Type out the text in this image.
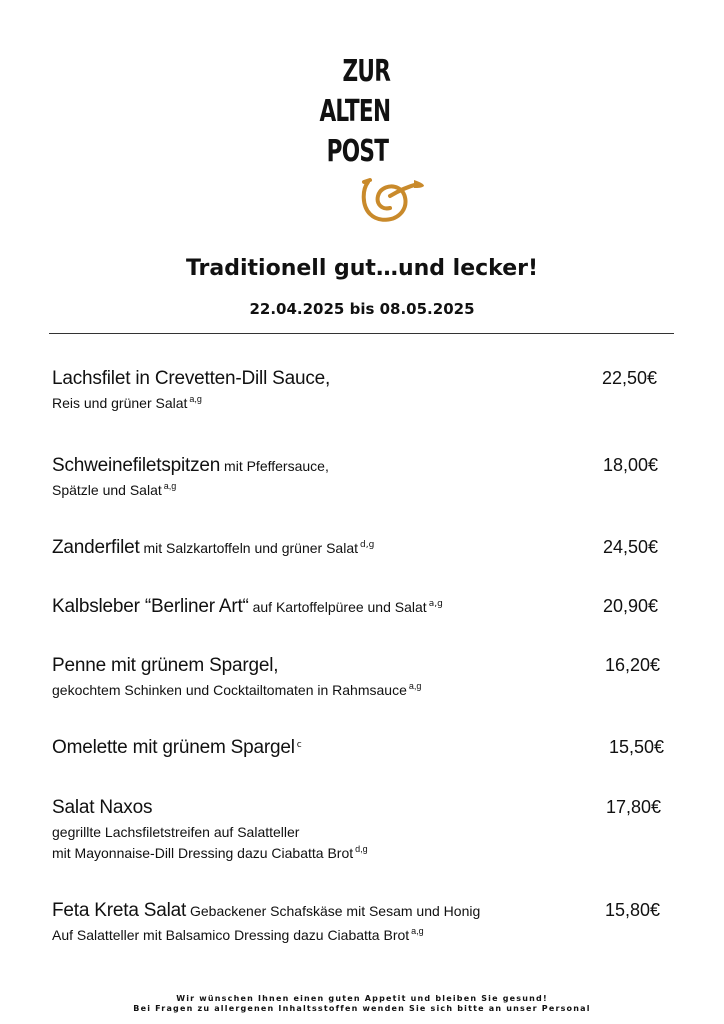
ZUR
ALTEN
POST
Traditionell gut…und lecker!
22.04.2025 bis 08.05.2025
Lachsfilet in Crevetten-Dill Sauce,	22,50€
Reis und grüner Salat $^{a,g}$
Schweinefiletspitzen mit Pfeffersauce,	18,00€
Spätzle und Salat $^{a,g}$
Zanderfilet mit Salzkartoffeln und grüner Salat $^{d,g}$	24,50€
Kalbsleber “Berliner Art“ auf Kartoffelpüree und Salat $^{a,g}$	20,90€
Penne mit grünem Spargel,	16,20€
gekochtem Schinken und Cocktailtomaten in Rahmsauce $^{a,g}$
Omelette mit grünem Spargel $^c$	15,50€
Salat Naxos	17,80€
gegrillte Lachsfiletstreifen auf Salatteller
mit Mayonnaise-Dill Dressing dazu Ciabatta Brot $^{d,g}$
Feta Kreta Salat Gebackener Schafskäse mit Sesam und Honig	15,80€
Auf Salatteller mit Balsamico Dressing dazu Ciabatta Brot $^{a,g}$
Wir wünschen Ihnen einen guten Appetit und bleiben Sie gesund!
Bei Fragen zu allergenen Inhaltsstoffen wenden Sie sich bitte an unser Personal
